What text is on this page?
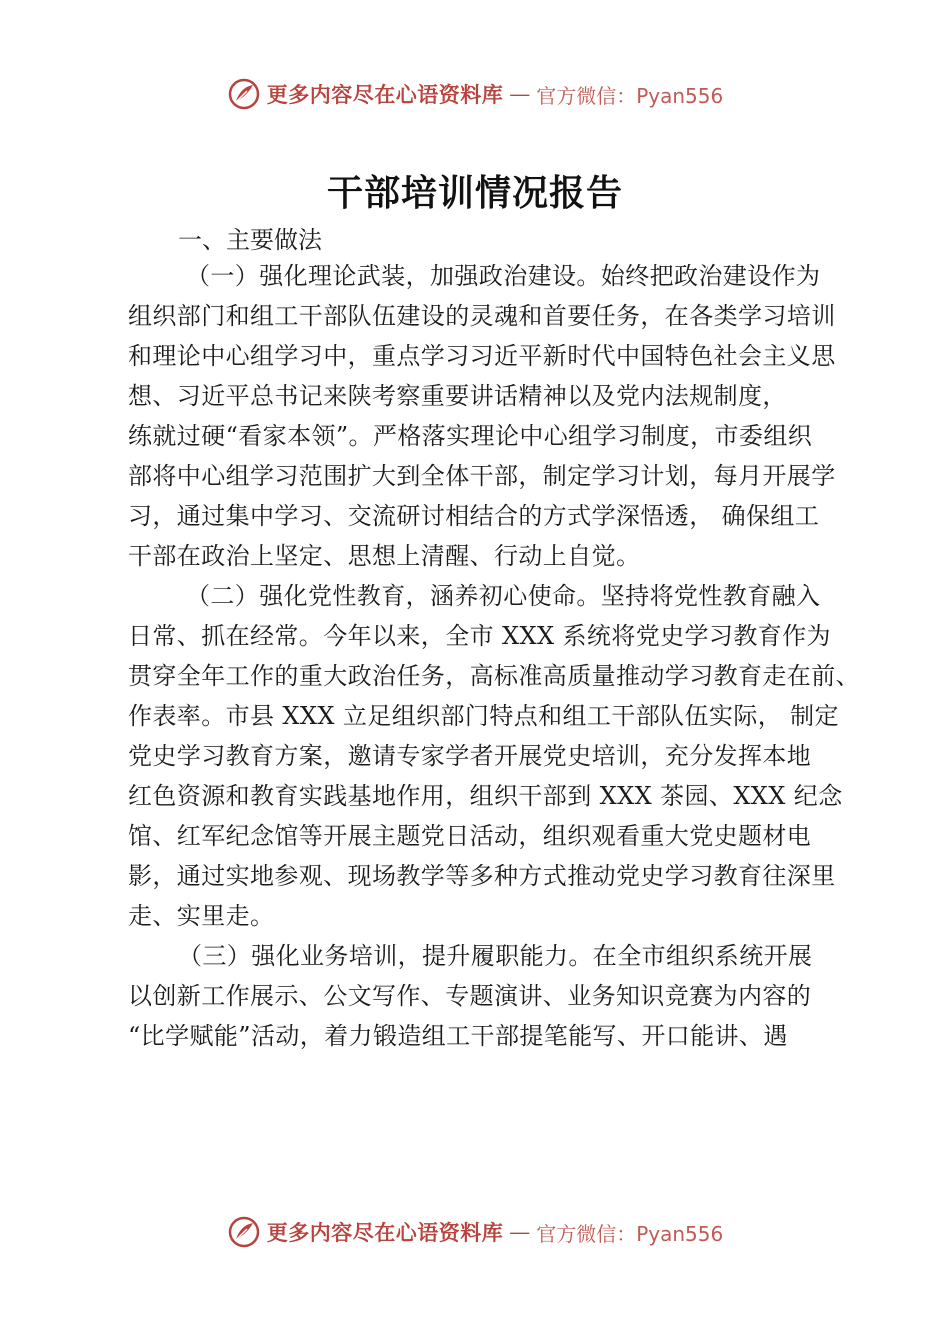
更多内容尽在心语资料库 — 官方微信：Pyan556
干部培训情况报告
一、主要做法
（一）强化理论武装，加强政治建设。始终把政治建设作为
组织部门和组工干部队伍建设的灵魂和首要任务，在各类学习培训
和理论中心组学习中，重点学习习近平新时代中国特色社会主义思
想、习近平总书记来陕考察重要讲话精神以及党内法规制度，
练就过硬“看家本领”。严格落实理论中心组学习制度，市委组织
部将中心组学习范围扩大到全体干部，制定学习计划，每月开展学
习，通过集中学习、交流研讨相结合的方式学深悟透， 确保组工
干部在政治上坚定、思想上清醒、行动上自觉。
（二）强化党性教育，涵养初心使命。坚持将党性教育融入
日常、抓在经常。今年以来，全市 XXX 系统将党史学习教育作为
贯穿全年工作的重大政治任务，高标准高质量推动学习教育走在前、
作表率。市县 XXX 立足组织部门特点和组工干部队伍实际， 制定
党史学习教育方案，邀请专家学者开展党史培训，充分发挥本地
红色资源和教育实践基地作用，组织干部到 XXX 茶园、XXX 纪念
馆、红军纪念馆等开展主题党日活动，组织观看重大党史题材电
影，通过实地参观、现场教学等多种方式推动党史学习教育往深里
走、实里走。
（三）强化业务培训，提升履职能力。在全市组织系统开展
以创新工作展示、公文写作、专题演讲、业务知识竞赛为内容的
“比学赋能”活动，着力锻造组工干部提笔能写、开口能讲、遇
更多内容尽在心语资料库 — 官方微信：Pyan556
